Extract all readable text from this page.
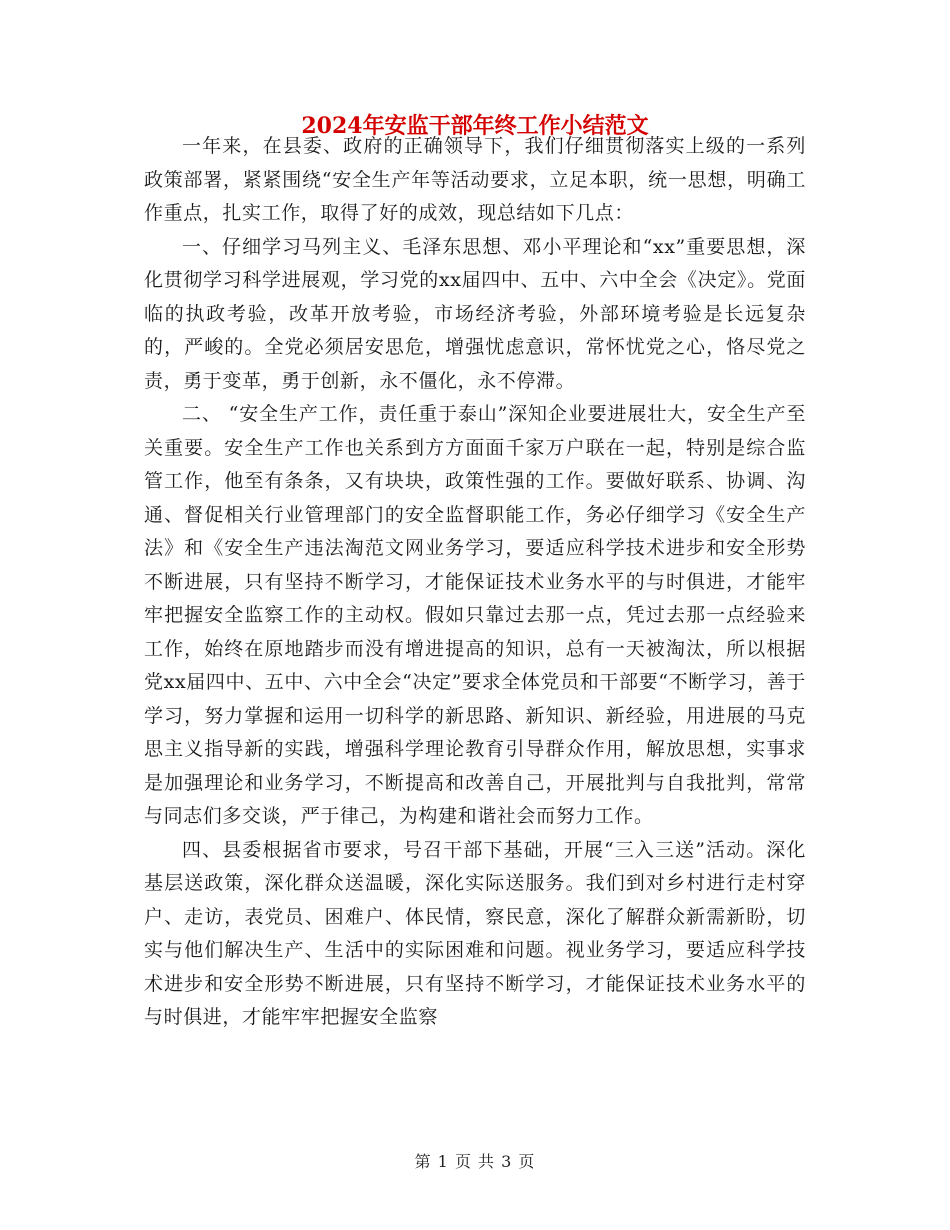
2024年安监干部年终工作小结范文

一年来，在县委、政府的正确领导下，我们仔细贯彻落实上级的一系列政策部署，紧紧围绕“安全生产年等活动要求，立足本职，统一思想，明确工作重点，扎实工作，取得了好的成效，现总结如下几点：

一、仔细学习马列主义、毛泽东思想、邓小平理论和“xx”重要思想，深化贯彻学习科学进展观，学习党的xx届四中、五中、六中全会《决定》。党面临的执政考验，改革开放考验，市场经济考验，外部环境考验是长远复杂的，严峻的。全党必须居安思危，增强忧虑意识，常怀忧党之心，恪尽党之责，勇于变革，勇于创新，永不僵化，永不停滞。

二、 “安全生产工作，责任重于泰山”深知企业要进展壮大，安全生产至关重要。安全生产工作也关系到方方面面千家万户联在一起，特别是综合监管工作，他至有条条，又有块块，政策性强的工作。要做好联系、协调、沟通、督促相关行业管理部门的安全监督职能工作，务必仔细学习《安全生产法》和《安全生产违法淘范文网业务学习，要适应科学技术进步和安全形势不断进展，只有坚持不断学习，才能保证技术业务水平的与时俱进，才能牢牢把握安全监察工作的主动权。假如只靠过去那一点，凭过去那一点经验来工作，始终在原地踏步而没有增进提高的知识，总有一天被淘汰，所以根据党xx届四中、五中、六中全会“决定”要求全体党员和干部要“不断学习，善于学习，努力掌握和运用一切科学的新思路、新知识、新经验，用进展的马克思主义指导新的实践，增强科学理论教育引导群众作用，解放思想，实事求是加强理论和业务学习，不断提高和改善自己，开展批判与自我批判，常常与同志们多交谈，严于律己，为构建和谐社会而努力工作。

四、县委根据省市要求，号召干部下基础，开展“三入三送”活动。深化基层送政策，深化群众送温暖，深化实际送服务。我们到对乡村进行走村穿户、走访，表党员、困难户、体民情，察民意，深化了解群众新需新盼，切实与他们解决生产、生活中的实际困难和问题。视业务学习，要适应科学技术进步和安全形势不断进展，只有坚持不断学习，才能保证技术业务水平的与时俱进，才能牢牢把握安全监察

第 1 页 共 3 页
